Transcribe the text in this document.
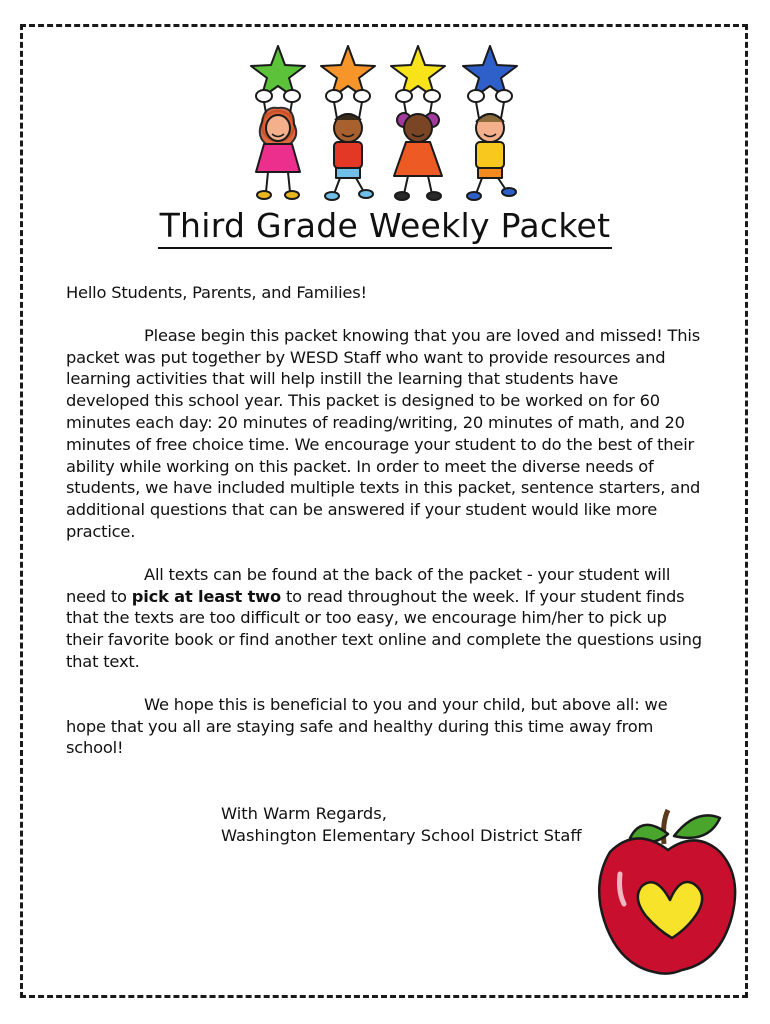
Third Grade Weekly Packet

Hello Students, Parents, and Families!

Please begin this packet knowing that you are loved and missed! This packet was put together by WESD Staff who want to provide resources and learning activities that will help instill the learning that students have developed this school year. This packet is designed to be worked on for 60 minutes each day: 20 minutes of reading/writing, 20 minutes of math, and 20 minutes of free choice time. We encourage your student to do the best of their ability while working on this packet. In order to meet the diverse needs of students, we have included multiple texts in this packet, sentence starters, and additional questions that can be answered if your student would like more practice.

All texts can be found at the back of the packet - your student will need to pick at least two to read throughout the week. If your student finds that the texts are too difficult or too easy, we encourage him/her to pick up their favorite book or find another text online and complete the questions using that text.

We hope this is beneficial to you and your child, but above all: we hope that you all are staying safe and healthy during this time away from school!

With Warm Regards,
Washington Elementary School District Staff
